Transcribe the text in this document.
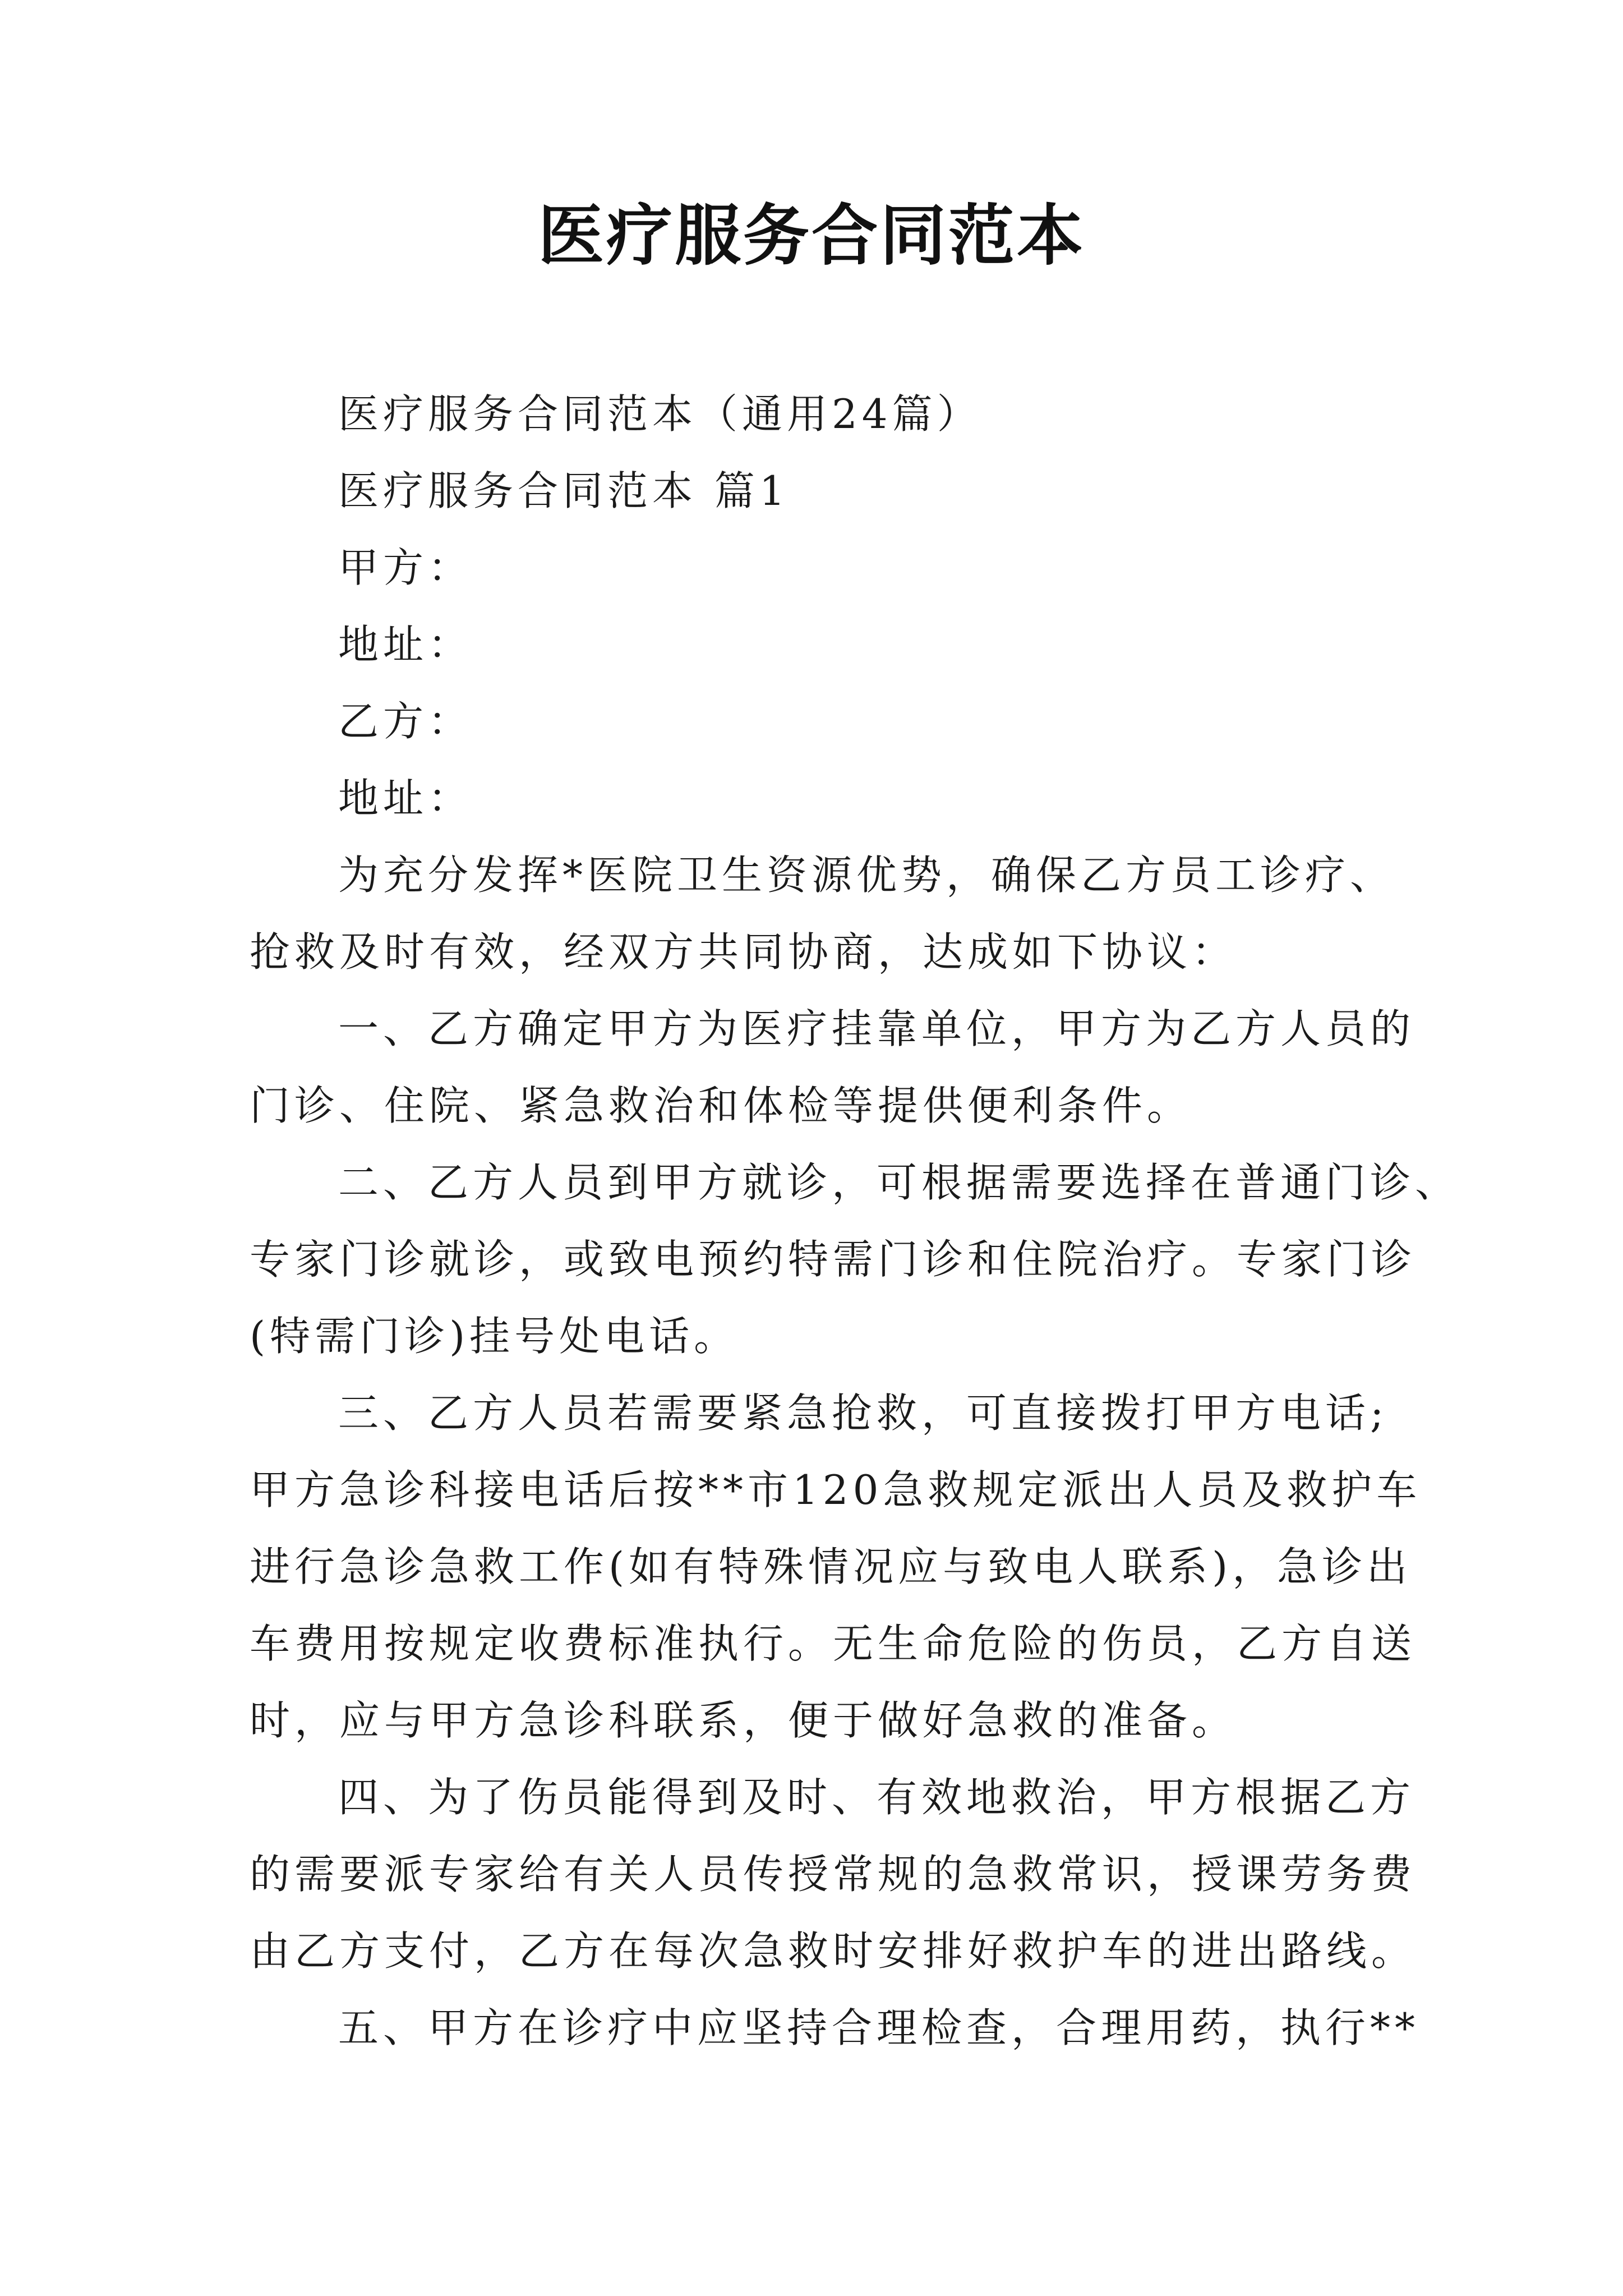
医疗服务合同范本
医疗服务合同范本（通用24篇）
医疗服务合同范本 篇1
甲方：
地址：
乙方：
地址：
为充分发挥*医院卫生资源优势，确保乙方员工诊疗、
抢救及时有效，经双方共同协商，达成如下协议：
一、乙方确定甲方为医疗挂靠单位，甲方为乙方人员的
门诊、住院、紧急救治和体检等提供便利条件。
二、乙方人员到甲方就诊，可根据需要选择在普通门诊、
专家门诊就诊，或致电预约特需门诊和住院治疗。专家门诊
(特需门诊)挂号处电话。
三、乙方人员若需要紧急抢救，可直接拨打甲方电话;
甲方急诊科接电话后按**市120急救规定派出人员及救护车
进行急诊急救工作(如有特殊情况应与致电人联系)，急诊出
车费用按规定收费标准执行。无生命危险的伤员，乙方自送
时，应与甲方急诊科联系，便于做好急救的准备。
四、为了伤员能得到及时、有效地救治，甲方根据乙方
的需要派专家给有关人员传授常规的急救常识，授课劳务费
由乙方支付，乙方在每次急救时安排好救护车的进出路线。
五、甲方在诊疗中应坚持合理检查，合理用药，执行**
